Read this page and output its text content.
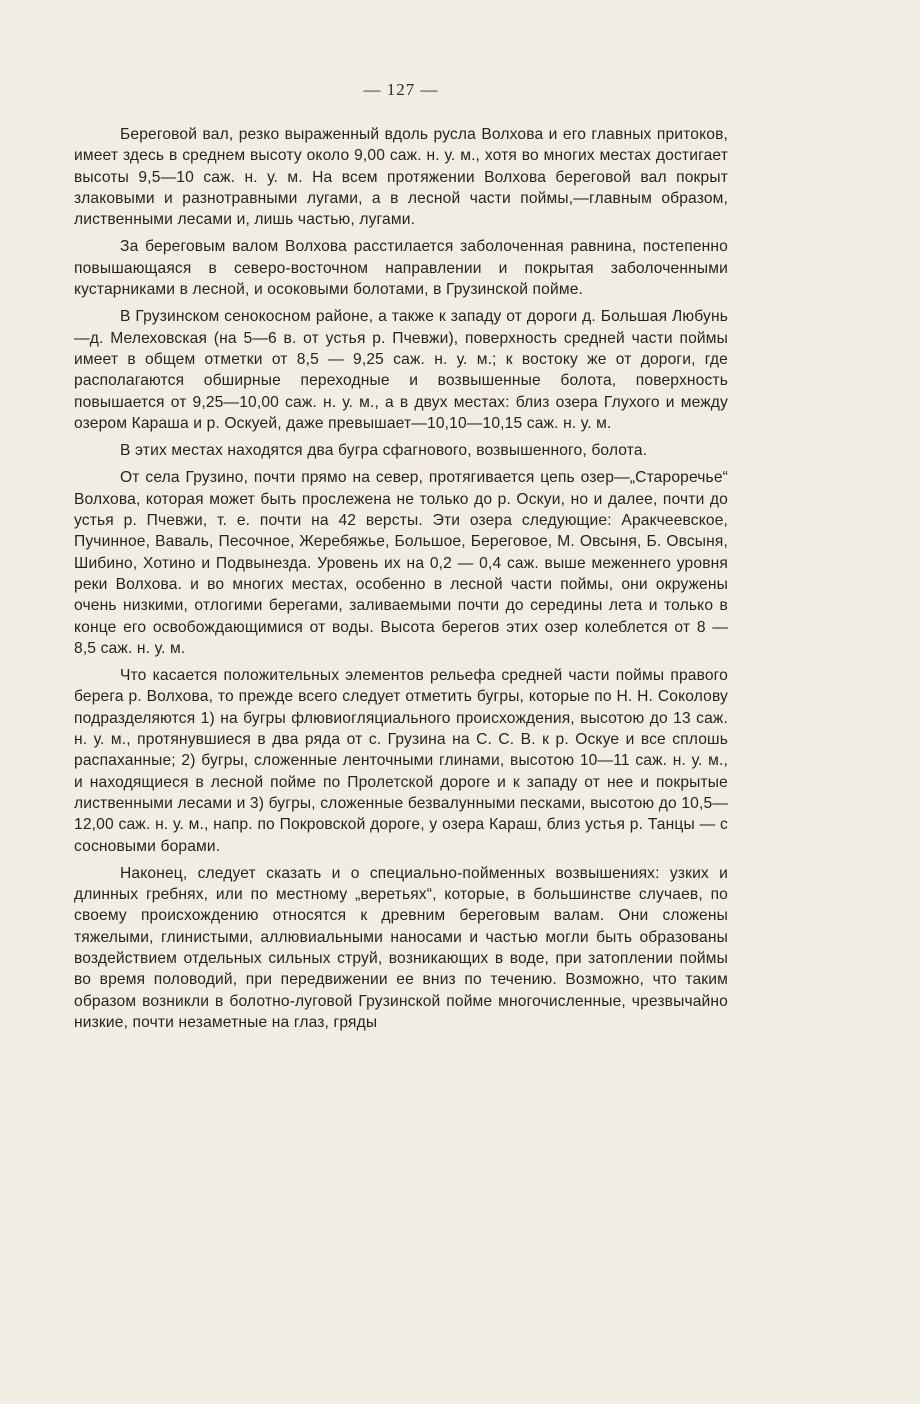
— 127 —

Береговой вал, резко выраженный вдоль русла Волхова и его главных притоков, имеет здесь в среднем высоту около 9,00 саж. н. у. м., хотя во многих местах достигает высоты 9,5—10 саж. н. у. м. На всем протяжении Волхова береговой вал покрыт злаковыми и разнотравными лугами, а в лесной части поймы,—главным образом, лиственными лесами и, лишь частью, лугами.

За береговым валом Волхова расстилается заболоченная равнина, постепенно повышающаяся в северо-восточном направлении и покрытая заболоченными кустарниками в лесной, и осоковыми болотами, в Грузинской пойме.

В Грузинском сенокосном районе, а также к западу от дороги д. Большая Любунь—д. Мелеховская (на 5—6 в. от устья р. Пчевжи), поверхность средней части поймы имеет в общем отметки от 8,5 — 9,25 саж. н. у. м.; к востоку же от дороги, где располагаются обширные переходные и возвышенные болота, поверхность повышается от 9,25—10,00 саж. н. у. м., а в двух местах: близ озера Глухого и между озером Караша и р. Оскуей, даже превышает—10,10—10,15 саж. н. у. м.

В этих местах находятся два бугра сфагнового, возвышенного, болота.

От села Грузино, почти прямо на север, протягивается цепь озер—„Староречье“ Волхова, которая может быть прослежена не только до р. Оскуи, но и далее, почти до устья р. Пчевжи, т. е. почти на 42 версты. Эти озера следующие: Аракчеевское, Пучинное, Ваваль, Песочное, Жеребяжье, Большое, Береговое, М. Овсыня, Б. Овсыня, Шибино, Хотино и Подвынезда. Уровень их на 0,2 — 0,4 саж. выше меженнего уровня реки Волхова. и во многих местах, особенно в лесной части поймы, они окружены очень низкими, отлогими берегами, заливаемыми почти до середины лета и только в конце его освобождающимися от воды. Высота берегов этих озер колеблется от 8 — 8,5 саж. н. у. м.

Что касается положительных элементов рельефа средней части поймы правого берега р. Волхова, то прежде всего следует отметить бугры, которые по Н. Н. Соколову подразделяются 1) на бугры флювиогляциального происхождения, высотою до 13 саж. н. у. м., протянувшиеся в два ряда от с. Грузина на С. С. В. к р. Оскуе и все сплошь распаханные; 2) бугры, сложенные ленточными глинами, высотою 10—11 саж. н. у. м., и находящиеся в лесной пойме по Пролетской дороге и к западу от нее и покрытые лиственными лесами и 3) бугры, сложенные безвалунными песками, высотою до 10,5—12,00 саж. н. у. м., напр. по Покровской дороге, у озера Караш, близ устья р. Танцы — с сосновыми борами.

Наконец, следует сказать и о специально-пойменных возвышениях: узких и длинных гребнях, или по местному „веретьях“, которые, в большинстве случаев, по своему происхождению относятся к древним береговым валам. Они сложены тяжелыми, глинистыми, аллювиальными наносами и частью могли быть образованы воздействием отдельных сильных струй, возникающих в воде, при затоплении поймы во время половодий, при передвижении ее вниз по течению. Возможно, что таким образом возникли в болотно-луговой Грузинской пойме многочисленные, чрезвычайно низкие, почти незаметные на глаз, гряды
